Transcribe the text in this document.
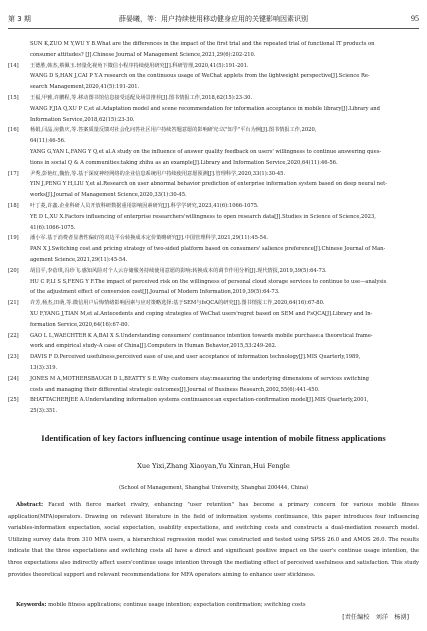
第 3 期	薛晏曦，等：用户持续使用移动健身应用的关键影响因素识别	95
SUN K,ZUO M Y,WU Y B.What are the differences in the impact of the first trial and the repeated trial of functional IT products on
consumer attitudes? [J].Chinese Journal of Management Science,2021,29(6):202-210.
[14] 王德胜,韩杰,蔡佩玉.轻量化视角下微信小程序持续使用研究[J].科研管理,2020,41(5):191-201.
WANG D S,HAN J,CAI P Y.A research on the continuous usage of WeChat applets from the lightweight perspective[J].Science Re-
search Management,2020,41(5):191-201.
[15] 王福,甲雅,许鹏程,等.移动图书馆信息接受适配及场景推荐[J].图书情报工作,2018,62(15):23-30.
WANG F,JIA Q,XU P C,et al.Adaptation model and scene recommendation for information acceptance in mobile library[J].Library and
Information Service,2018,62(15):23-30.
[16] 杨娟,闫晶,房勤庆,等.答案质量反馈对社会化问答社区用户持续答题意愿的影响研究:以"知乎"平台为例[J].图书情报工作,2020,
64(11):46-56.
YANG G,YAN L,FANG Y Q,et al.A study on the influence of answer quality feedback on users' willingness to continue answering ques-
tions in social Q & A communities:taking zhihu as an example[J].Library and Information Service,2020,64(11):46-56.
[17] 尹秀,彭艳红,魏怡,等.基于深度神经网络的企业信息系统用户持续使用意愿预测[J].管理科学,2020,33(1):30-45.
YIN J,PENG Y H,LIU Y,et al.Research on user abnormal behavior prediction of enterprise information system based on deep neural net-
works[J].Journal of Management Science,2020,33(1):30-45.
[18] 叶丁菱,许鑫.企业科研人员开放科研数据重用影响因素研究[J].科学学研究,2023,41(6):1066-1075.
YE D L,XU X.Factors influencing of enterprise researchers'willingness to open research data[J].Studies in Science of Science,2023,
41(6):1066-1075.
[19] 潘小军.基于消费者显著性偏好的双边平台转换成本定价策略研究[J].中国管理科学,2021,29(11):45-54.
PAN X J.Switching cost and pricing strategy of two-sided platform based on consumers' salience preference[J].Chinese Journal of Man-
agement Science,2021,29(11):45-54.
[20] 胡昌平,李蓓琪,冯珍飞.感知风险对个人云存储服务持续使用意愿的影响:转换成本的调节作用分析[J].现代情报,2019,39(5):64-73.
HU C P,LI S S,FENG Y F.The impact of perceived risk on the willingness of personal cloud storage services to continue to use—analysis
of the adjustment effect of conversion cost[J].Journal of Modern Information,2019,39(5):64-73.
[21] 许芳,杨杰,田萌,等.微信用户后悔情绪影响因素与应对策略选择:基于SEM与fsQCA的研究[J].图书情报工作,2020,64(16):67-80.
XU F,YANG J,TIAN M,et al.Antecedents and coping strategies of WeChat users'regret based on SEM and FsQCA[J].Library and In-
formation Service,2020,64(16):67-80.
[22] GAO L L,WAECHTER K A,BAI X S.Understanding consumers' continuance intention towards mobile purchase:a theoretical frame-
work and empirical study-A case of China[J].Computers in Human Behavior,2015,53:249-262.
[23] DAVIS F D.Perceived usefulness,perceived ease of use,and user acceptance of information technology[J].MIS Quarterly,1989,
13(3):319.
[24] JONES M A,MOTHERSBAUGH D L,BEATTY S E.Why customers stay:measuring the underlying dimensions of services switching
costs and managing their differential strategic outcomes[J].Journal of Business Research,2002,55(6):441-450.
[25] BHATTACHERJEE A.Understanding information systems continuance:an expectation-confirmation model[J].MIS Quarterly,2001,
25(3):351.
Identification of key factors influencing continue usage intention of mobile fitness applications
Xue Yixi,Zhang Xiaoyan,Yu Xinran,Hui Fengle
(School of Management, Shanghai University, Shanghai 200444, China)
Abstract: Faced with fierce market rivalry, enhancing "user retention" has become a primary concern for various mobile fitness application(MFA)operators. Drawing on relevant literature in the field of information systems continuance, this paper introduces four influencing variables-information expectation, social expectation, usability expectations, and switching costs and constructs a dual-mediation research model. Utilizing survey data from 310 MFA users, a hierarchical regression model was constructed and tested using SPSS 26.0 and AMOS 26.0. The results indicate that the three expectations and switching costs all have a direct and significant positive impact on the user's continue usage intention, the three expectations also indirectly affect users'continue usage intention through the mediating effect of perceived usefulness and satisfaction. This study provides theoretical support and relevant recommendations for MFA operators aiming to enhance user stickiness.
Keywords: mobile fitness applications; continue usage intention; expectation confirmation; switching costs
[责任编校　刘洋　杨湧]
